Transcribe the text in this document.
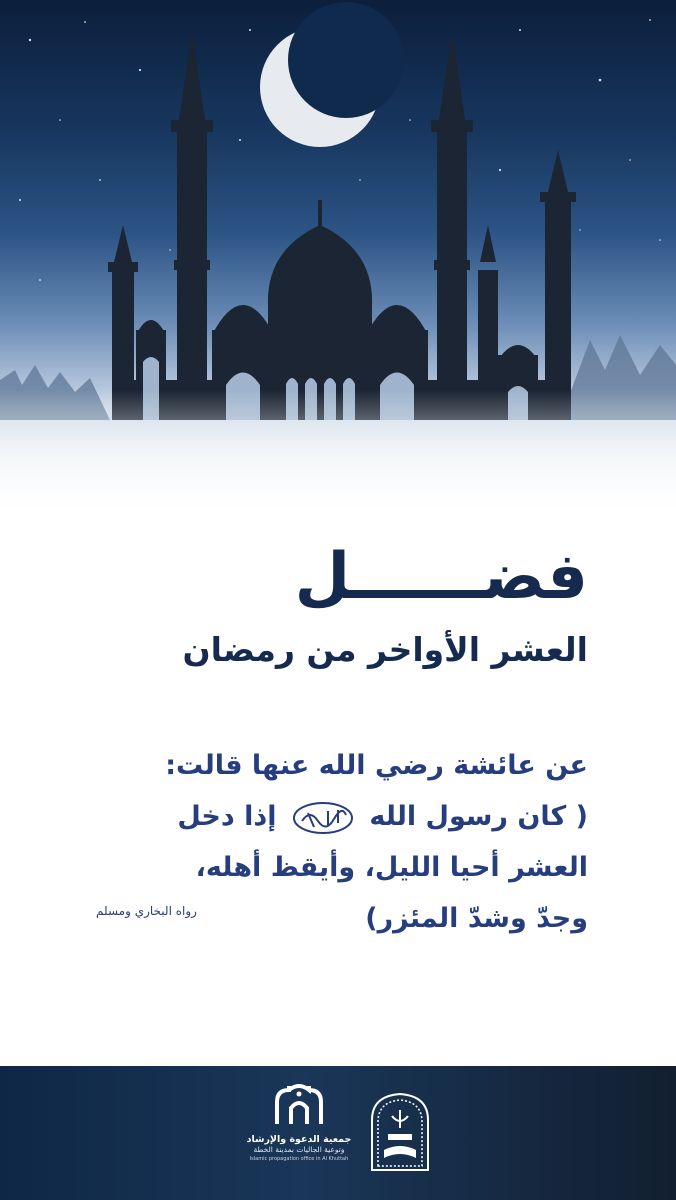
فضــــــل
العشر الأواخر من رمضان
عن عائشة رضي الله عنها قالت:
( كان رسول الله  إذا دخل
العشر أحيا الليل، وأيقظ أهله،
وجدّ وشدّ المئزر)
رواه البخاري ومسلم
جمعية الدعوة والإرشاد
وتوعية الجاليات بمدينة الخطة
Islamic propagation office in Al Khuttah
